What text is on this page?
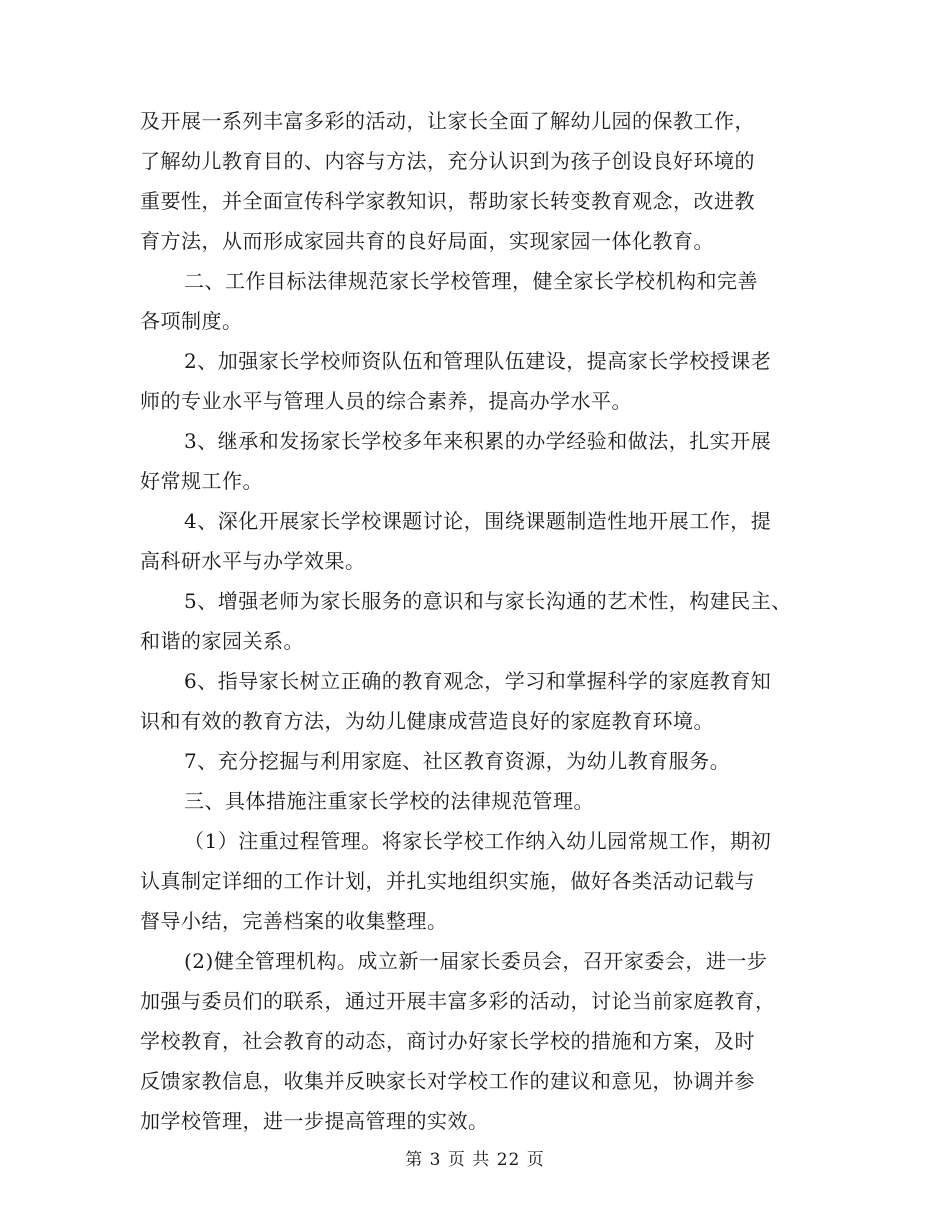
及开展一系列丰富多彩的活动，让家长全面了解幼儿园的保教工作，
了解幼儿教育目的、内容与方法，充分认识到为孩子创设良好环境的
重要性，并全面宣传科学家教知识，帮助家长转变教育观念，改进教
育方法，从而形成家园共育的良好局面，实现家园一体化教育。
二、工作目标法律规范家长学校管理，健全家长学校机构和完善
各项制度。
2、加强家长学校师资队伍和管理队伍建设，提高家长学校授课老
师的专业水平与管理人员的综合素养，提高办学水平。
3、继承和发扬家长学校多年来积累的办学经验和做法，扎实开展
好常规工作。
4、深化开展家长学校课题讨论，围绕课题制造性地开展工作，提
高科研水平与办学效果。
5、增强老师为家长服务的意识和与家长沟通的艺术性，构建民主、
和谐的家园关系。
6、指导家长树立正确的教育观念，学习和掌握科学的家庭教育知
识和有效的教育方法，为幼儿健康成营造良好的家庭教育环境。
7、充分挖掘与利用家庭、社区教育资源，为幼儿教育服务。
三、具体措施注重家长学校的法律规范管理。
（1）注重过程管理。将家长学校工作纳入幼儿园常规工作，期初
认真制定详细的工作计划，并扎实地组织实施，做好各类活动记载与
督导小结，完善档案的收集整理。
(2)健全管理机构。成立新一届家长委员会，召开家委会，进一步
加强与委员们的联系，通过开展丰富多彩的活动，讨论当前家庭教育，
学校教育，社会教育的动态，商讨办好家长学校的措施和方案，及时
反馈家教信息，收集并反映家长对学校工作的建议和意见，协调并参
加学校管理，进一步提高管理的实效。
第 3 页 共 22 页
